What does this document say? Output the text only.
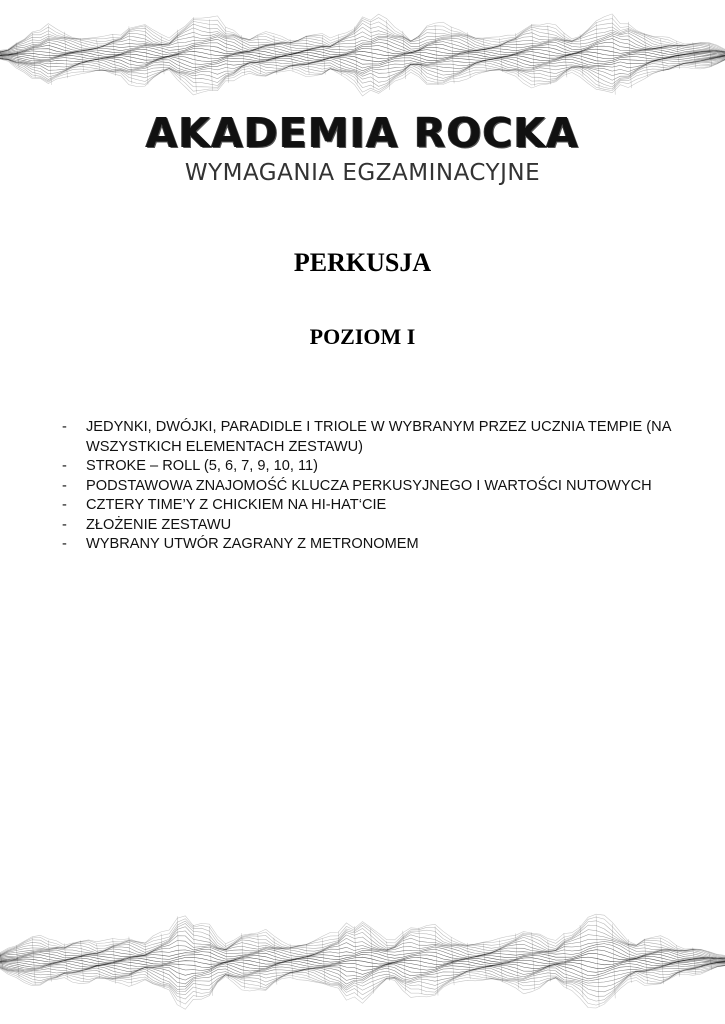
AKADEMIA ROCKA
WYMAGANIA EGZAMINACYJNE
PERKUSJA
POZIOM I
- JEDYNKI, DWÓJKI, PARADIDLE I TRIOLE W WYBRANYM PRZEZ UCZNIA TEMPIE (NA WSZYSTKICH ELEMENTACH ZESTAWU)
- STROKE – ROLL (5, 6, 7, 9, 10, 11)
- PODSTAWOWA ZNAJOMOŚĆ KLUCZA PERKUSYJNEGO I WARTOŚCI NUTOWYCH
- CZTERY TIME’Y Z CHICKIEM NA HI-HAT‘CIE
- ZŁOŻENIE ZESTAWU
- WYBRANY UTWÓR ZAGRANY Z METRONOMEM
